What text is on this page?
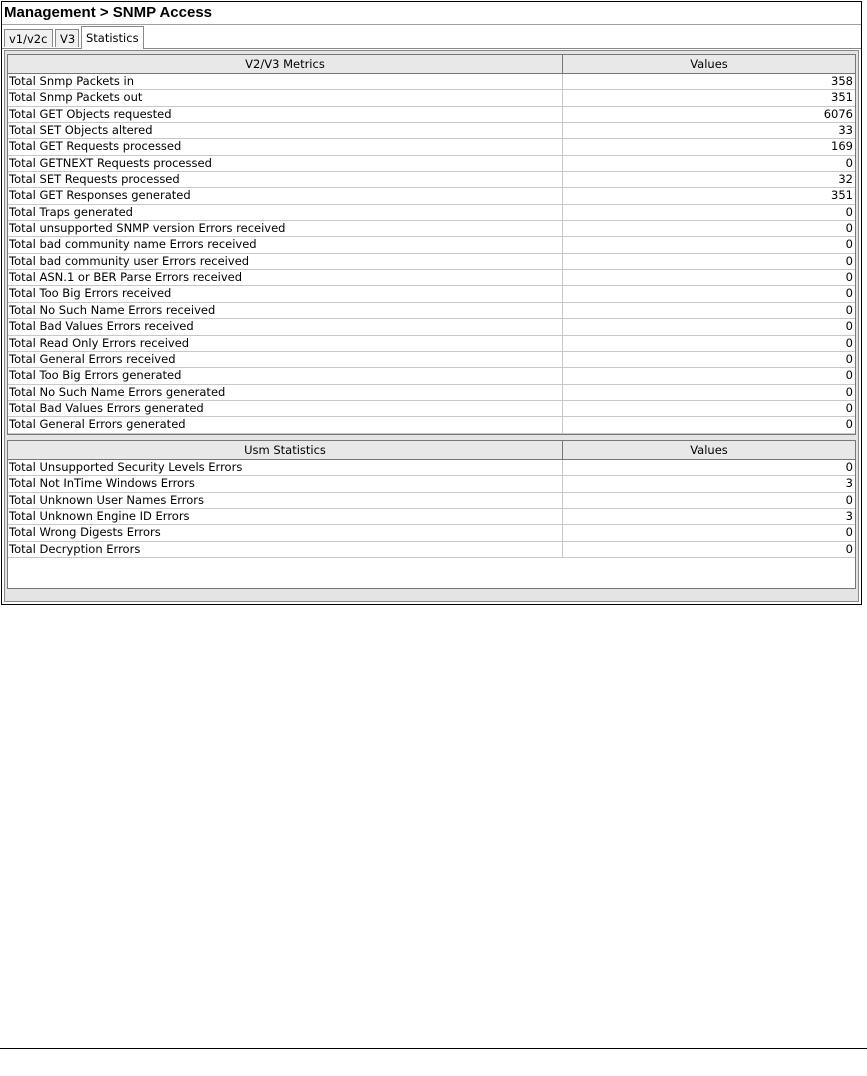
Management > SNMP Access
v1/v2c	V3 Statistics
V2/V3 Metrics	Values
Total Snmp Packets in	358
Total Snmp Packets out	351
Total GET Objects requested	6076
Total SET Objects altered	33
Total GET Requests processed	169
Total GETNEXT Requests processed	0
Total SET Requests processed	32
Total GET Responses generated	351
Total Traps generated	0
Total unsupported SNMP version Errors received	0
Total bad community name Errors received	0
Total bad community user Errors received	0
Total ASN.1 or BER Parse Errors received	0
Total Too Big Errors received	0
Total No Such Name Errors received	0
Total Bad Values Errors received	0
Total Read Only Errors received	0
Total General Errors received	0
Total Too Big Errors generated	0
Total No Such Name Errors generated	0
Total Bad Values Errors generated	0
Total General Errors generated	0
Usm Statistics	Values
Total Unsupported Security Levels Errors	0
Total Not InTime Windows Errors	3
Total Unknown User Names Errors	0
Total Unknown Engine ID Errors	3
Total Wrong Digests Errors	0
Total Decryption Errors	0
